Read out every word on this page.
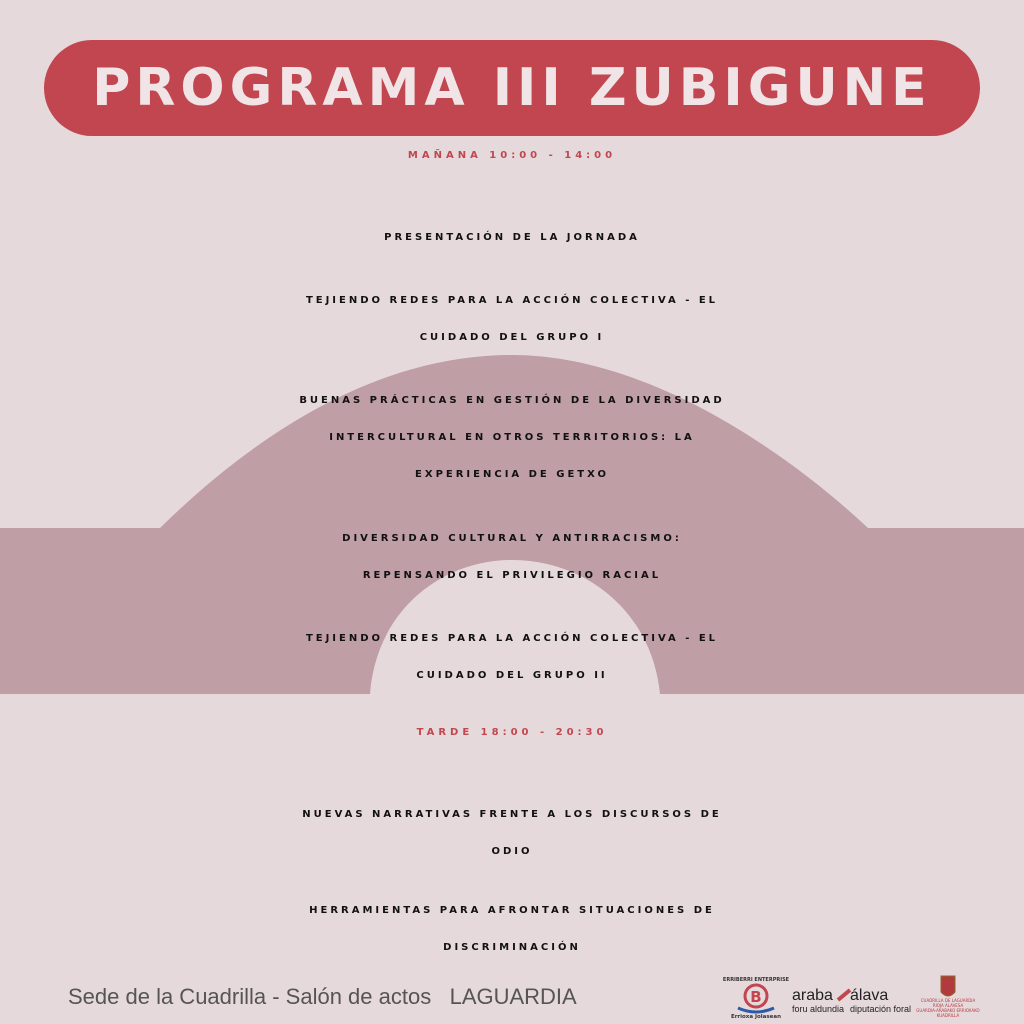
PROGRAMA III ZUBIGUNE
MAÑANA 10:00 - 14:00
PRESENTACIÓN DE LA JORNADA
TEJIENDO REDES PARA LA ACCIÓN COLECTIVA - EL
CUIDADO DEL GRUPO I
BUENAS PRÁCTICAS EN GESTIÓN DE LA DIVERSIDAD
INTERCULTURAL EN OTROS TERRITORIOS: LA
EXPERIENCIA DE GETXO
DIVERSIDAD CULTURAL Y ANTIRRACISMO:
REPENSANDO EL PRIVILEGIO RACIAL
TEJIENDO REDES PARA LA ACCIÓN COLECTIVA - EL
CUIDADO DEL GRUPO II
TARDE 18:00 - 20:30
NUEVAS NARRATIVAS FRENTE A LOS DISCURSOS DE
ODIO
HERRAMIENTAS PARA AFRONTAR SITUACIONES DE
DISCRIMINACIÓN
Sede de la Cuadrilla - Salón de actos LAGUARDIA
ERRIBERRI ENTERPRISE
B
Errioxa Jolasean
araba álava
foru aldundia diputación foral
CUADRILLA DE LAGUARDIA
RIOJA ALAVESA
GUARDIA-ARABAKO ERRIOXAKO
KUADRILLA
